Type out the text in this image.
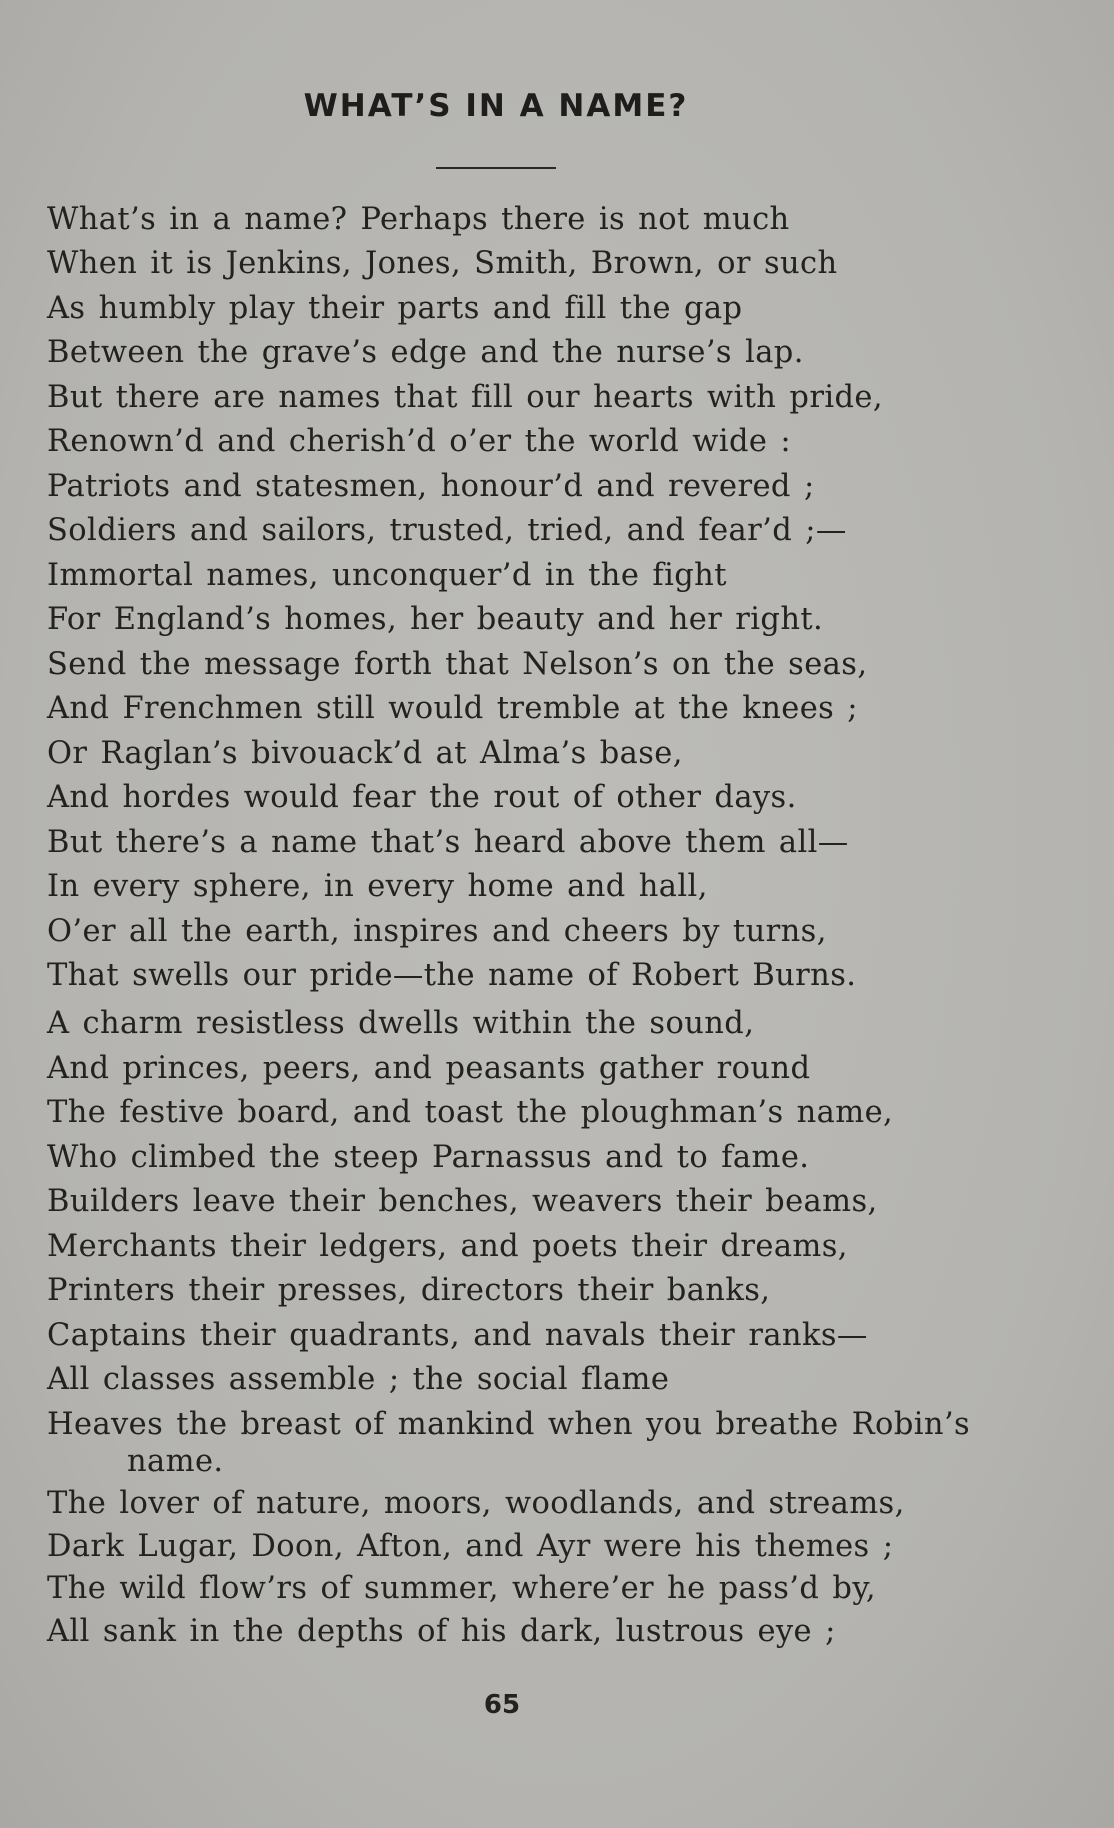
WHAT’S IN A NAME?
What’s in a name? Perhaps there is not much
When it is Jenkins, Jones, Smith, Brown, or such
As humbly play their parts and fill the gap
Between the grave’s edge and the nurse’s lap.
But there are names that fill our hearts with pride,
Renown’d and cherish’d o’er the world wide :
Patriots and statesmen, honour’d and revered ;
Soldiers and sailors, trusted, tried, and fear’d ;—
Immortal names, unconquer’d in the fight
For England’s homes, her beauty and her right.
Send the message forth that Nelson’s on the seas,
And Frenchmen still would tremble at the knees ;
Or Raglan’s bivouack’d at Alma’s base,
And hordes would fear the rout of other days.
But there’s a name that’s heard above them all—
In every sphere, in every home and hall,
O’er all the earth, inspires and cheers by turns,
That swells our pride—the name of Robert Burns.
A charm resistless dwells within the sound,
And princes, peers, and peasants gather round
The festive board, and toast the ploughman’s name,
Who climbed the steep Parnassus and to fame.
Builders leave their benches, weavers their beams,
Merchants their ledgers, and poets their dreams,
Printers their presses, directors their banks,
Captains their quadrants, and navals their ranks—
All classes assemble ; the social flame
Heaves the breast of mankind when you breathe Robin’s
name.
The lover of nature, moors, woodlands, and streams,
Dark Lugar, Doon, Afton, and Ayr were his themes ;
The wild flow’rs of summer, where’er he pass’d by,
All sank in the depths of his dark, lustrous eye ;
65
